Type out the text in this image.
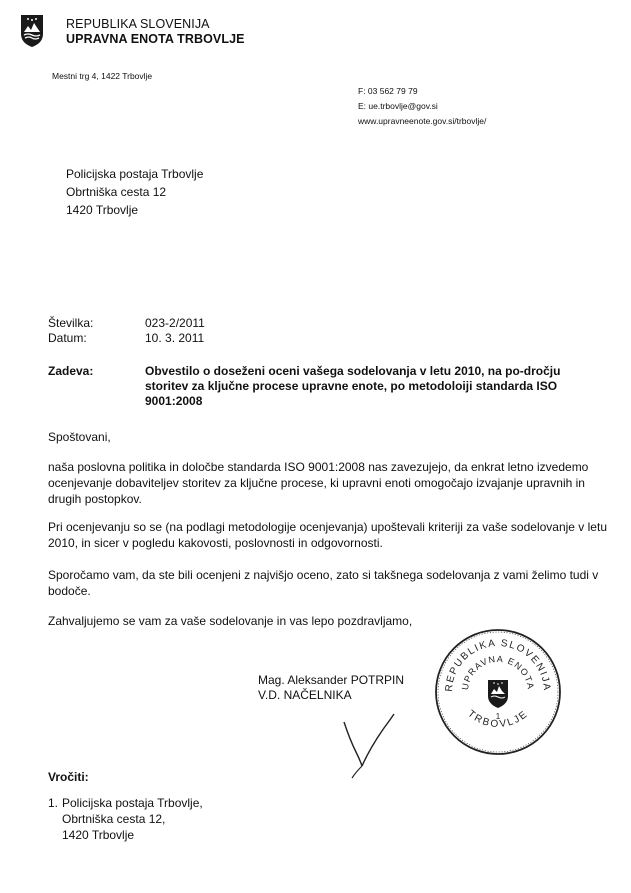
REPUBLIKA SLOVENIJA
UPRAVNA ENOTA TRBOVLJE
Mestni trg 4, 1422 Trbovlje
F: 03 562 79 79
E: ue.trbovlje@gov.si
www.upravneenote.gov.si/trbovlje/
Policijska postaja Trbovlje
Obrtniška cesta 12
1420 Trbovlje
Številka:	023-2/2011
Datum:	10. 3. 2011
Zadeva:	Obvestilo o doseženi oceni vašega sodelovanja v letu 2010, na po-dročju storitev za ključne procese upravne enote, po metodoloiji standarda ISO 9001:2008
Spoštovani,
naša poslovna politika in določbe standarda ISO 9001:2008 nas zavezujejo, da enkrat letno izvedemo ocenjevanje dobaviteljev storitev za ključne procese, ki upravni enoti omogočajo izvajanje upravnih in drugih postopkov.
Pri ocenjevanju so se (na podlagi metodologije ocenjevanja) upoštevali kriteriji za vaše sodelovanje v letu 2010, in sicer v pogledu kakovosti, poslovnosti in odgovornosti.
Sporočamo vam, da ste bili ocenjeni z najvišjo oceno, zato si takšnega sodelovanja z vami želimo tudi v bodoče.
Zahvaljujemo se vam za vaše sodelovanje in vas lepo pozdravljamo,
Mag. Aleksander POTRPIN
V.D. NAČELNIKA
REPUBLIKA SLOVENIJA
UPRAVNA ENOTA
TRBOVLJE
1
Vročiti:
1. Policijska postaja Trbovlje,
Obrtniška cesta 12,
1420 Trbovlje
